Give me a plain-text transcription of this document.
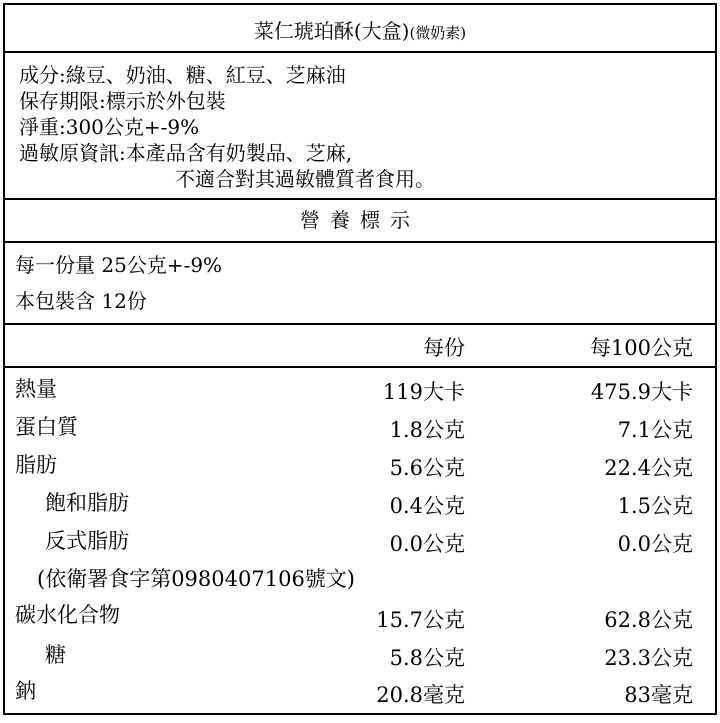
菜仁琥珀酥(大盒)(微奶素)
成分:綠豆、奶油、糖、紅豆、芝麻油
保存期限:標示於外包裝
淨重:300公克+-9%
過敏原資訊:本產品含有奶製品、芝麻,
不適合對其過敏體質者食用。
營養標示
每一份量 25公克+-9%
本包裝含 12份
每份	每100公克
熱量	119大卡	475.9大卡
蛋白質	1.8公克	7.1公克
脂肪	5.6公克	22.4公克
飽和脂肪	0.4公克	1.5公克
反式脂肪	0.0公克	0.0公克
(依衛署食字第0980407106號文)
碳水化合物	15.7公克	62.8公克
糖	5.8公克	23.3公克
鈉	20.8毫克	83毫克
